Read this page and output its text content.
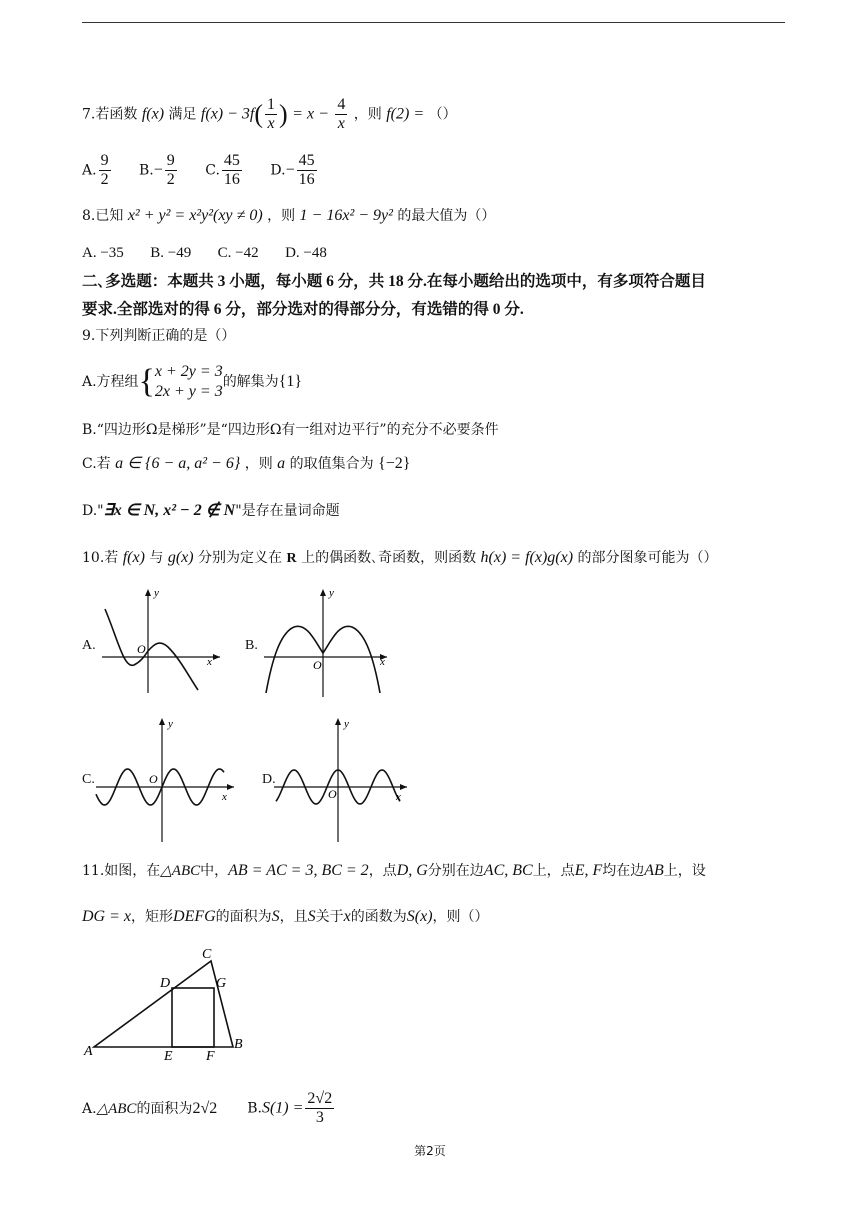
7.若函数 f(x) 满足 $f(x) - 3f( \frac{1}{x}$ ) = $x - \frac{4}{x}$ ，则 f(2) = （）
A. $\frac{9}{2} B.- \frac{9}{2} C$. $\frac{45}{16} D.- \frac{45}{16}$
8.已知 x² + y² = x²y²(xy ≠ 0) ，则 1 − 16x² − 9y² 的最大值为（）
A. −35 B. −49 C. −42 D. −48
二､多选题：本题共 3 小题，每小题 6 分，共 18 分.在每小题给出的选项中，有多项符合题目
要求.全部选对的得 6 分，部分选对的得部分分，有选错的得 0 分.
9.下列判断正确的是（）
A.方程组{ x + 2y = 3
2x + y = 3
的解集为{1}
B.“四边形Ω是梯形”是“四边形Ω有一组对边平行”的充分不必要条件
C.若 a ∈ {6 − a, a² − 6} ，则 a 的取值集合为 {−2}
D."∃x ∈ N, x² − 2 ∉ N"是存在量词命题
10.若 f(x) 与 g(x) 分别为定义在 R 上的偶函数､奇函数，则函数 h(x) = f(x)g(x) 的部分图象可能为（）
A.
y
x
O	B.
y
x
O
C.
y
x
O	D.
y
x
O
11.如图，在△ABC中，AB = AC = 3, BC = 2，点D, G分别在边AC, BC上，点E, F均在边AB上，设
DG = x，矩形DEFG的面积为S，且S关于x的函数为S(x)，则（）
A	B
C
D
E F
G
A.△ABC的面积为2√2 $B.S(1) = \frac{2√2}{3}$
第2页
